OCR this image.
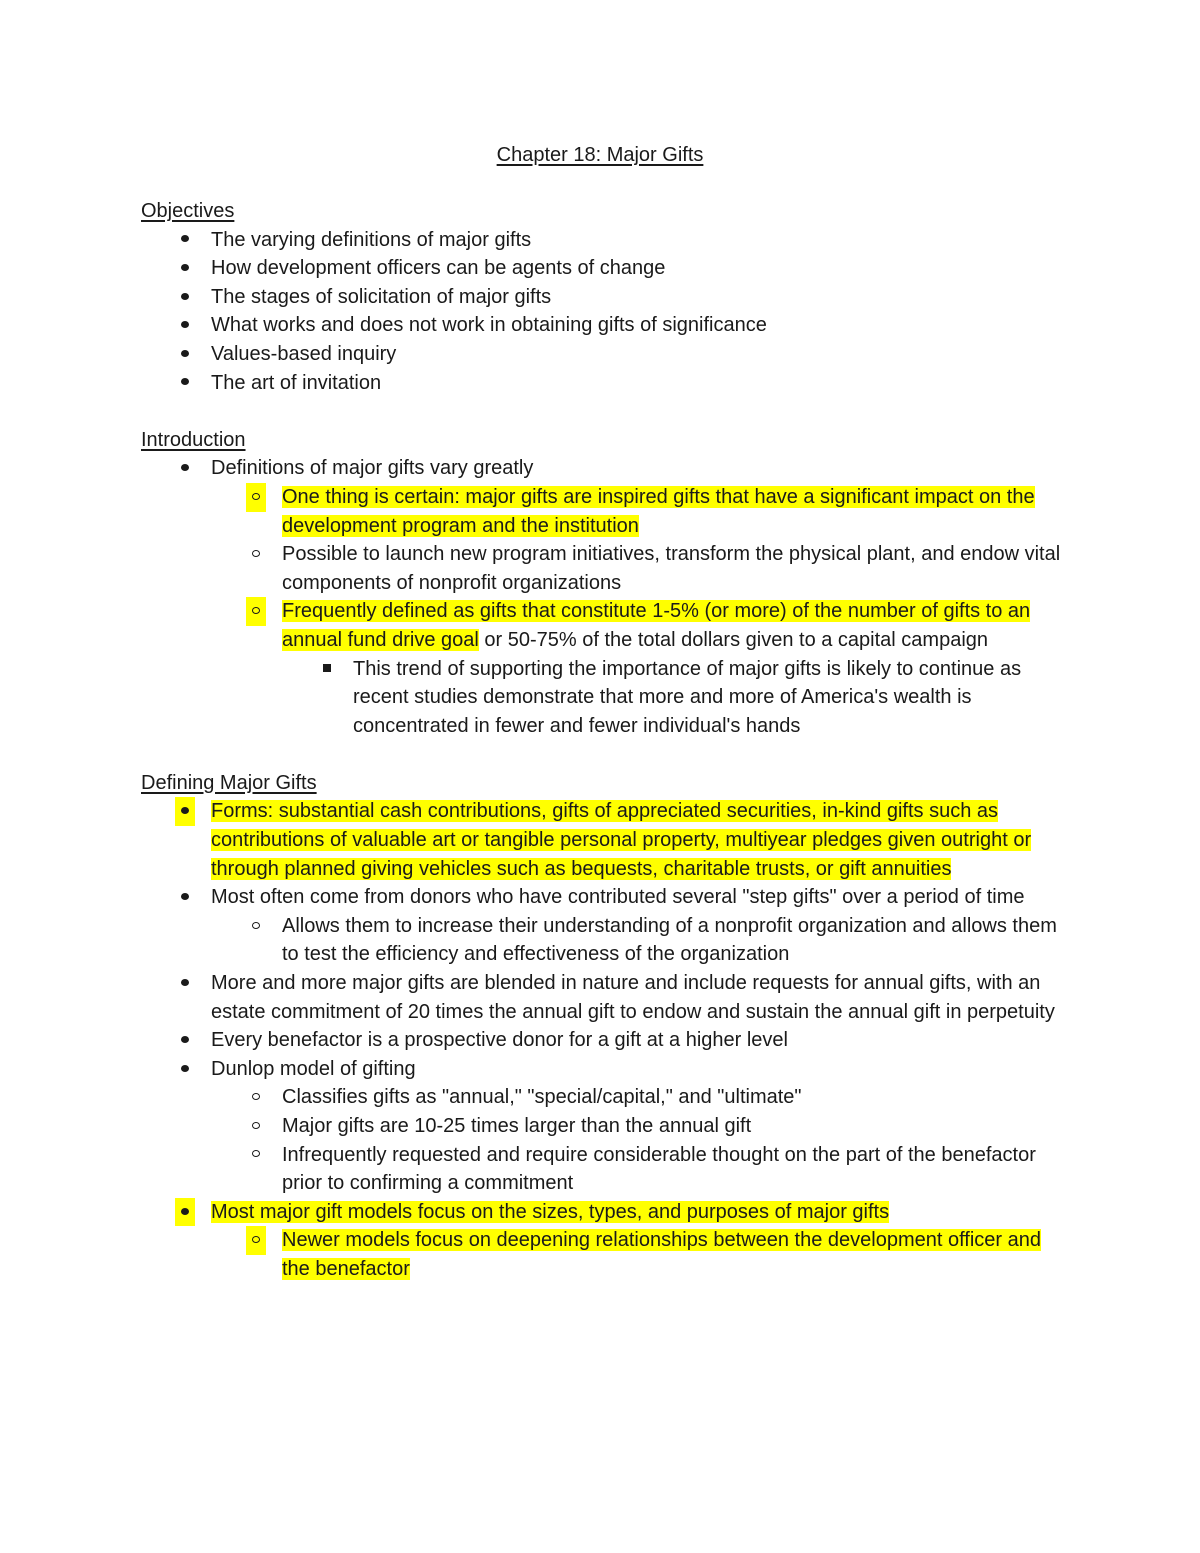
Chapter 18: Major Gifts
Objectives
The varying definitions of major gifts
How development officers can be agents of change
The stages of solicitation of major gifts
What works and does not work in obtaining gifts of significance
Values-based inquiry
The art of invitation
Introduction
Definitions of major gifts vary greatly
One thing is certain: major gifts are inspired gifts that have a significant impact on the development program and the institution
Possible to launch new program initiatives, transform the physical plant, and endow vital components of nonprofit organizations
Frequently defined as gifts that constitute 1-5% (or more) of the number of gifts to an annual fund drive goal or 50-75% of the total dollars given to a capital campaign
This trend of supporting the importance of major gifts is likely to continue as recent studies demonstrate that more and more of America's wealth is concentrated in fewer and fewer individual's hands
Defining Major Gifts
Forms: substantial cash contributions, gifts of appreciated securities, in-kind gifts such as contributions of valuable art or tangible personal property, multiyear pledges given outright or through planned giving vehicles such as bequests, charitable trusts, or gift annuities
Most often come from donors who have contributed several "step gifts" over a period of time
Allows them to increase their understanding of a nonprofit organization and allows them to test the efficiency and effectiveness of the organization
More and more major gifts are blended in nature and include requests for annual gifts, with an estate commitment of 20 times the annual gift to endow and sustain the annual gift in perpetuity
Every benefactor is a prospective donor for a gift at a higher level
Dunlop model of gifting
Classifies gifts as "annual," "special/capital," and "ultimate"
Major gifts are 10-25 times larger than the annual gift
Infrequently requested and require considerable thought on the part of the benefactor prior to confirming a commitment
Most major gift models focus on the sizes, types, and purposes of major gifts
Newer models focus on deepening relationships between the development officer and the benefactor
